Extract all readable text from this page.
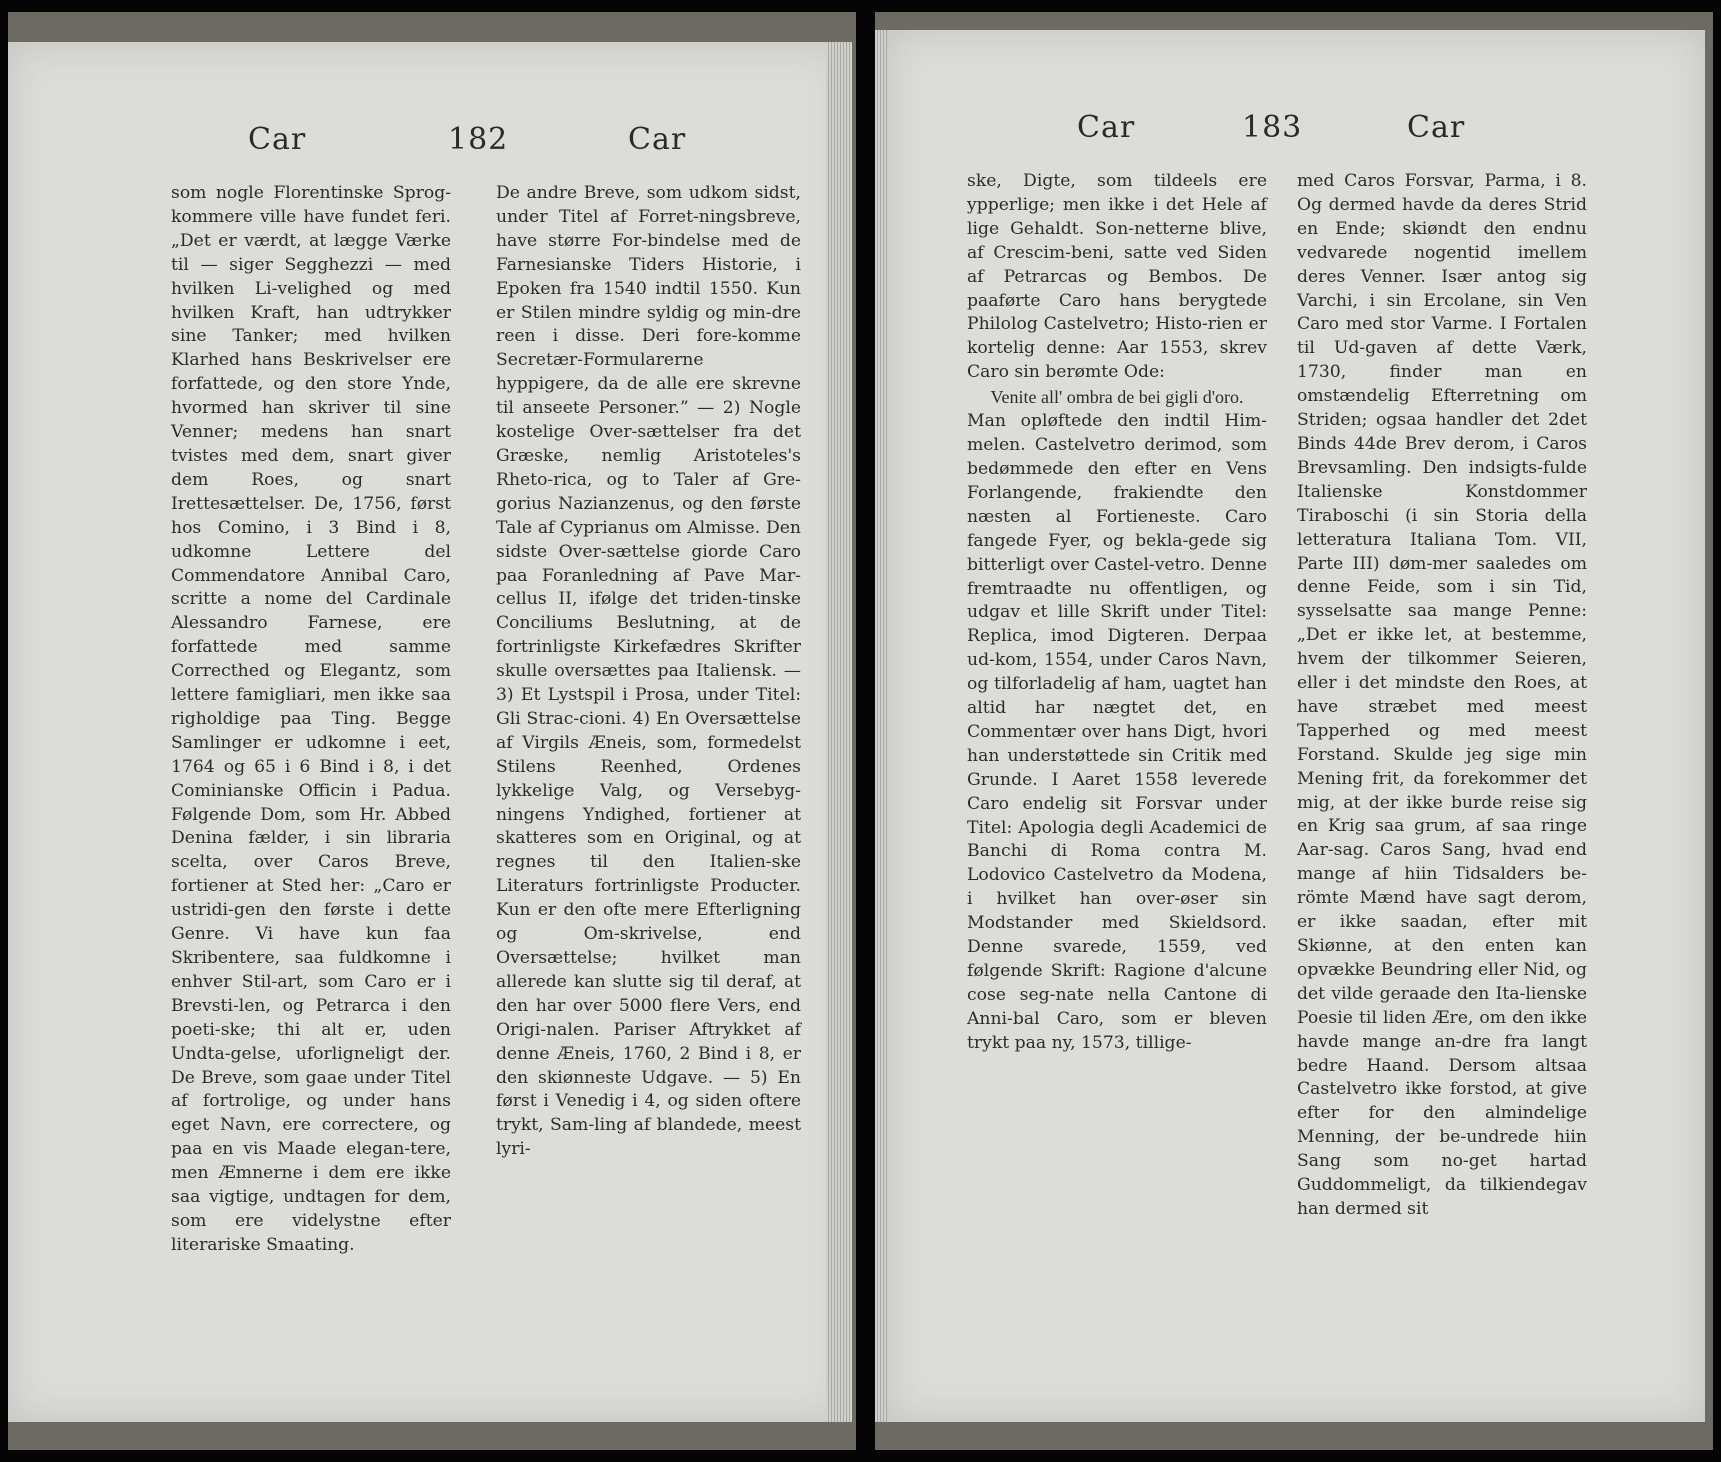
Car	182	Car

som nogle Florentinske Sprog-kommere ville have fundet feri. „Det er værdt, at lægge Værke til — siger Segghezzi — med hvilken Li-velighed og med hvilken Kraft, han udtrykker sine Tanker; med hvilken Klarhed hans Beskrivelser ere forfattede, og den store Ynde, hvormed han skriver til sine Venner; medens han snart tvistes med dem, snart giver dem Roes, og snart Irettesættelser. De, 1756, først hos Comino, i 3 Bind i 8, udkomne Lettere del Commendatore Annibal Caro, scritte a nome del Cardinale Alessandro Farnese, ere forfattede med samme Correcthed og Elegantz, som lettere famigliari, men ikke saa righoldige paa Ting. Begge Samlinger er udkomne i eet, 1764 og 65 i 6 Bind i 8, i det Cominianske Officin i Padua. Følgende Dom, som Hr. Abbed Denina fælder, i sin libraria scelta, over Caros Breve, fortiener at Sted her: „Caro er ustridi-gen den første i dette Genre. Vi have kun faa Skribentere, saa fuldkomne i enhver Stil-art, som Caro er i Brevsti-len, og Petrarca i den poeti-ske; thi alt er, uden Undta-gelse, uforligneligt der. De Breve, som gaae under Titel af fortrolige, og under hans eget Navn, ere correctere, og paa en vis Maade elegan-tere, men Æmnerne i dem ere ikke saa vigtige, undtagen for dem, som ere videlystne efter literariske Smaating.

De andre Breve, som udkom sidst, under Titel af Forret-ningsbreve, have større For-bindelse med de Farnesianske Tiders Historie, i Epoken fra 1540 indtil 1550. Kun er Stilen mindre syldig og min-dre reen i disse. Deri fore-komme Secretær-Formularerne hyppigere, da de alle ere skrevne til anseete Personer.” — 2) Nogle kostelige Over-sættelser fra det Græske, nemlig Aristoteles's Rheto-rica, og to Taler af Gre-gorius Nazianzenus, og den første Tale af Cyprianus om Almisse. Den sidste Over-sættelse giorde Caro paa Foranledning af Pave Mar-cellus II, ifølge det triden-tinske Conciliums Beslutning, at de fortrinligste Kirkefædres Skrifter skulle oversættes paa Italiensk. — 3) Et Lystspil i Prosa, under Titel: Gli Strac-cioni. 4) En Oversættelse af Virgils Æneis, som, formedelst Stilens Reenhed, Ordenes lykkelige Valg, og Versebyg-ningens Yndighed, fortiener at skatteres som en Original, og at regnes til den Italien-ske Literaturs fortrinligste Producter. Kun er den ofte mere Efterligning og Om-skrivelse, end Oversættelse; hvilket man allerede kan slutte sig til deraf, at den har over 5000 flere Vers, end Origi-nalen. Pariser Aftrykket af denne Æneis, 1760, 2 Bind i 8, er den skiønneste Udgave. — 5) En først i Venedig i 4, og siden oftere trykt, Sam-ling af blandede, meest lyri-

Car	183	Car

ske, Digte, som tildeels ere ypperlige; men ikke i det Hele af lige Gehaldt. Son-netterne blive, af Crescim-beni, satte ved Siden af Petrarcas og Bembos. De paaførte Caro hans berygtede Philolog Castelvetro; Histo-rien er kortelig denne: Aar 1553, skrev Caro sin berømte Ode:

Venite all' ombra de bei gigli d'oro.

Man opløftede den indtil Him-melen. Castelvetro derimod, som bedømmede den efter en Vens Forlangende, frakiendte den næsten al Fortieneste. Caro fangede Fyer, og bekla-gede sig bitterligt over Castel-vetro. Denne fremtraadte nu offentligen, og udgav et lille Skrift under Titel: Replica, imod Digteren. Derpaa ud-kom, 1554, under Caros Navn, og tilforladelig af ham, uagtet han altid har nægtet det, en Commentær over hans Digt, hvori han understøttede sin Critik med Grunde. I Aaret 1558 leverede Caro endelig sit Forsvar under Titel: Apologia degli Academici de Banchi di Roma contra M. Lodovico Castelvetro da Modena, i hvilket han over-øser sin Modstander med Skieldsord. Denne svarede, 1559, ved følgende Skrift: Ragione d'alcune cose seg-nate nella Cantone di Anni-bal Caro, som er bleven trykt paa ny, 1573, tillige-

med Caros Forsvar, Parma, i 8. Og dermed havde da deres Strid en Ende; skiøndt den endnu vedvarede nogentid imellem deres Venner. Især antog sig Varchi, i sin Ercolane, sin Ven Caro med stor Varme. I Fortalen til Ud-gaven af dette Værk, 1730, finder man en omstændelig Efterretning om Striden; ogsaa handler det 2det Binds 44de Brev derom, i Caros Brevsamling. Den indsigts-fulde Italienske Konstdommer Tiraboschi (i sin Storia della letteratura Italiana Tom. VII, Parte III) døm-mer saaledes om denne Feide, som i sin Tid, sysselsatte saa mange Penne: „Det er ikke let, at bestemme, hvem der tilkommer Seieren, eller i det mindste den Roes, at have stræbet med meest Tapperhed og med meest Forstand. Skulde jeg sige min Mening frit, da forekommer det mig, at der ikke burde reise sig en Krig saa grum, af saa ringe Aar-sag. Caros Sang, hvad end mange af hiin Tidsalders be-römte Mænd have sagt derom, er ikke saadan, efter mit Skiønne, at den enten kan opvække Beundring eller Nid, og det vilde geraade den Ita-lienske Poesie til liden Ære, om den ikke havde mange an-dre fra langt bedre Haand. Dersom altsaa Castelvetro ikke forstod, at give efter for den almindelige Menning, der be-undrede hiin Sang som no-get hartad Guddommeligt, da tilkiendegav han dermed sit
